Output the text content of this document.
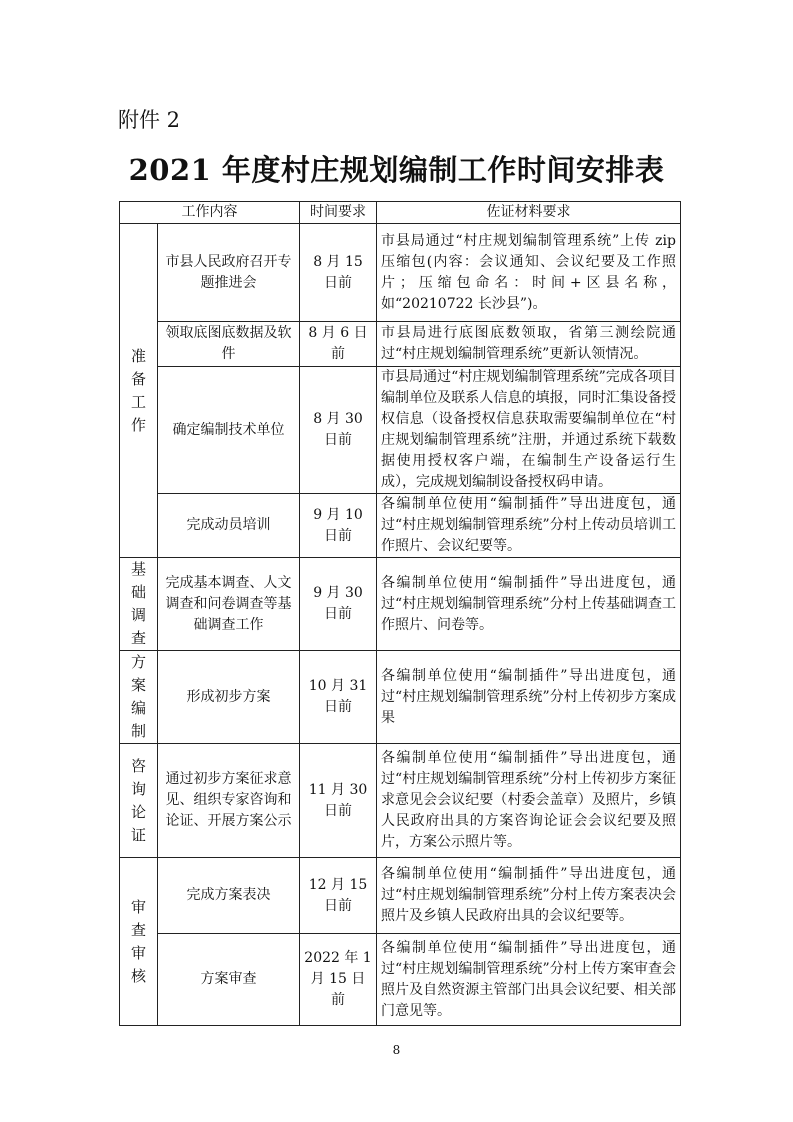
附件 2
2021 年度村庄规划编制工作时间安排表
工作内容		时间要求	佐证材料要求

准备工作	市县人民政府召开专题推进会	8 月 15 日前	市县局通过“村庄规划编制管理系统”上传 zip 压缩包(内容：会议通知、会议纪要及工作照片；压缩包命名：时间+区县名称，如“20210722 长沙县”)。
	领取底图底数据及软件	8 月 6 日前	市县局进行底图底数领取，省第三测绘院通过“村庄规划编制管理系统”更新认领情况。
	确定编制技术单位	8 月 30 日前	市县局通过“村庄规划编制管理系统”完成各项目编制单位及联系人信息的填报，同时汇集设备授权信息（设备授权信息获取需要编制单位在“村庄规划编制管理系统”注册，并通过系统下载数据使用授权客户端，在编制生产设备运行生成），完成规划编制设备授权码申请。
	完成动员培训	9 月 10 日前	各编制单位使用“编制插件”导出进度包，通过“村庄规划编制管理系统”分村上传动员培训工作照片、会议纪要等。

基础调查	完成基本调查、人文调查和问卷调查等基础调查工作	9 月 30 日前	各编制单位使用“编制插件”导出进度包，通过“村庄规划编制管理系统”分村上传基础调查工作照片、问卷等。

方案编制	形成初步方案	10 月 31 日前	各编制单位使用“编制插件”导出进度包，通过“村庄规划编制管理系统”分村上传初步方案成果

咨询论证	通过初步方案征求意见、组织专家咨询和论证、开展方案公示	11 月 30 日前	各编制单位使用“编制插件”导出进度包，通过“村庄规划编制管理系统”分村上传初步方案征求意见会会议纪要（村委会盖章）及照片，乡镇人民政府出具的方案咨询论证会会议纪要及照片，方案公示照片等。

审查审核	完成方案表决	12 月 15 日前	各编制单位使用“编制插件”导出进度包，通过“村庄规划编制管理系统”分村上传方案表决会照片及乡镇人民政府出具的会议纪要等。
	方案审查	2022 年 1 月 15 日前	各编制单位使用“编制插件”导出进度包，通过“村庄规划编制管理系统”分村上传方案审查会照片及自然资源主管部门出具会议纪要、相关部门意见等。
8
